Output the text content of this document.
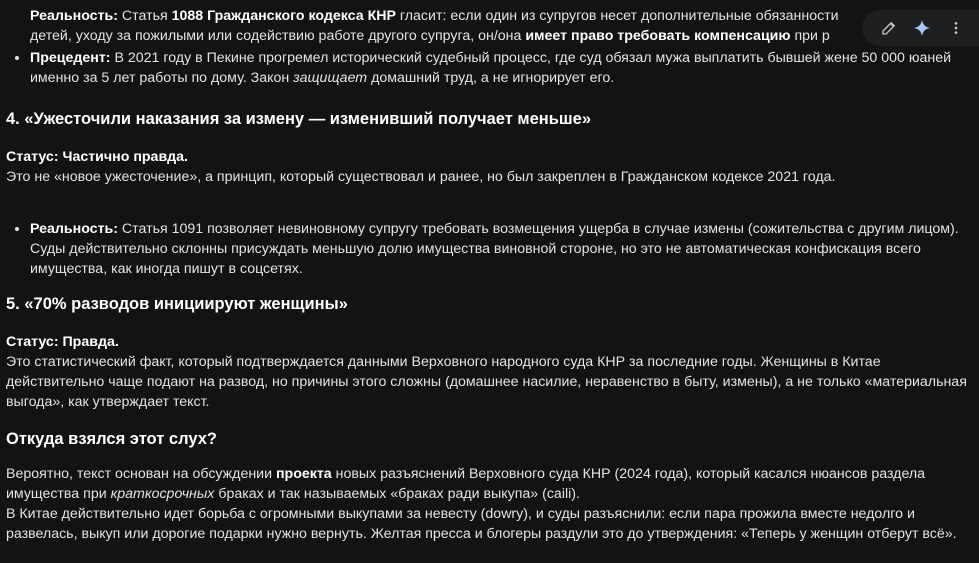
• Реальность: Статья 1088 Гражданского кодекса КНР гласит: если один из супругов несет дополнительные обязанности
детей, уходу за пожилыми или содействию работе другого супруга, он/она имеет право требовать компенсацию при р
• Прецедент: В 2021 году в Пекине прогремел исторический судебный процесс, где суд обязал мужа выплатить бывшей жене 50 000 юаней именно за 5 лет работы по дому. Закон защищает домашний труд, а не игнорирует его.
4. «Ужесточили наказания за измену — изменивший получает меньше»

Статус: Частично правда.

Это не «новое ужесточение», а принцип, который существовал и ранее, но был закреплен в Гражданском кодексе 2021 года.

• Реальность: Статья 1091 позволяет невиновному супругу требовать возмещения ущерба в случае измены (сожительства с другим лицом). Суды действительно склонны присуждать меньшую долю имущества виновной стороне, но это не автоматическая конфискация всего имущества, как иногда пишут в соцсетях.
5. «70% разводов инициируют женщины»

Статус: Правда.

Это статистический факт, который подтверждается данными Верховного народного суда КНР за последние годы. Женщины в Китае действительно чаще подают на развод, но причины этого сложны (домашнее насилие, неравенство в быту, измены), а не только «материальная выгода», как утверждает текст.

Откуда взялся этот слух?

Вероятно, текст основан на обсуждении проекта новых разъяснений Верховного суда КНР (2024 года), который касался нюансов раздела имущества при краткосрочных браках и так называемых «браках ради выкупа» (caili).

В Китае действительно идет борьба с огромными выкупами за невесту (dowry), и суды разъяснили: если пара прожила вместе недолго и развелась, выкуп или дорогие подарки нужно вернуть. Желтая пресса и блогеры раздули это до утверждения: «Теперь у женщин отберут всё».
